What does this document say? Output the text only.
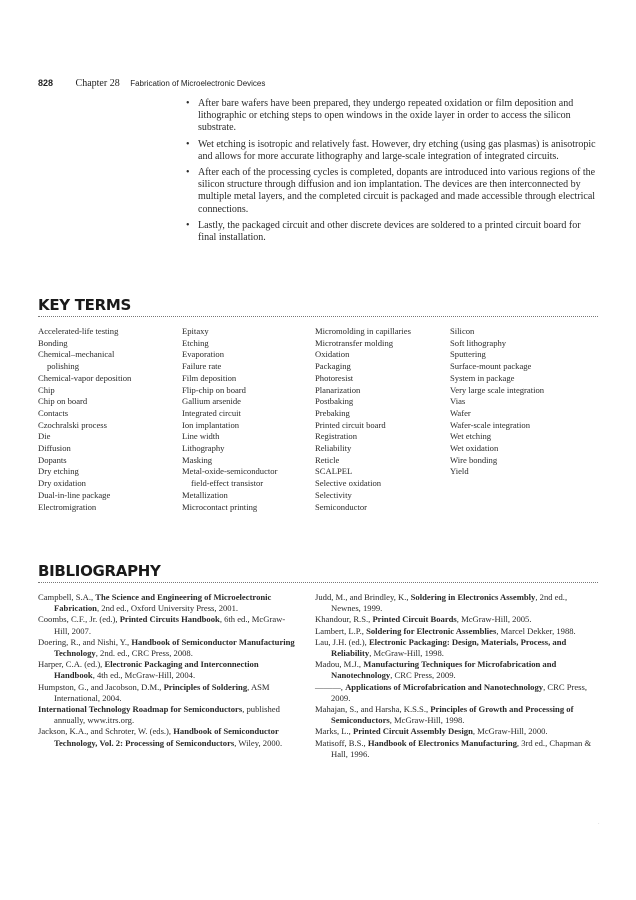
828 Chapter 28 Fabrication of Microelectronic Devices
• After bare wafers have been prepared, they undergo repeated oxidation or film deposition and lithographic or etching steps to open windows in the oxide layer in order to access the silicon substrate.
• Wet etching is isotropic and relatively fast. However, dry etching (using gas plasmas) is anisotropic and allows for more accurate lithography and large-scale integration of integrated circuits.
• After each of the processing cycles is completed, dopants are introduced into various regions of the silicon structure through diffusion and ion implantation. The devices are then interconnected by multiple metal layers, and the completed circuit is packaged and made accessible through electrical connections.
• Lastly, the packaged circuit and other discrete devices are soldered to a printed circuit board for final installation.
KEY TERMS
Accelerated-life testing
Bonding
Chemical–mechanical
polishing
Chemical-vapor deposition
Chip
Chip on board
Contacts
Czochralski process
Die
Diffusion
Dopants
Dry etching
Dry oxidation
Dual-in-line package
Electromigration
Epitaxy
Etching
Evaporation
Failure rate
Film deposition
Flip-chip on board
Gallium arsenide
Integrated circuit
Ion implantation
Line width
Lithography
Masking
Metal-oxide-semiconductor
field-effect transistor
Metallization
Microcontact printing
Micromolding in capillaries
Microtransfer molding
Oxidation
Packaging
Photoresist
Planarization
Postbaking
Prebaking
Printed circuit board
Registration
Reliability
Reticle
SCALPEL
Selective oxidation
Selectivity
Semiconductor
Silicon
Soft lithography
Sputtering
Surface-mount package
System in package
Very large scale integration
Vias
Wafer
Wafer-scale integration
Wet etching
Wet oxidation
Wire bonding
Yield
BIBLIOGRAPHY
Campbell, S.A., The Science and Engineering of Microelectronic Fabrication, 2nd ed., Oxford University Press, 2001.
Coombs, C.F., Jr. (ed.), Printed Circuits Handbook, 6th ed., McGraw-Hill, 2007.
Doering, R., and Nishi, Y., Handbook of Semiconductor Manufacturing Technology, 2nd. ed., CRC Press, 2008.
Harper, C.A. (ed.), Electronic Packaging and Interconnection Handbook, 4th ed., McGraw-Hill, 2004.
Humpston, G., and Jacobson, D.M., Principles of Soldering, ASM International, 2004.
International Technology Roadmap for Semiconductors, published annually, www.itrs.org.
Jackson, K.A., and Schroter, W. (eds.), Handbook of Semiconductor Technology, Vol. 2: Processing of Semiconductors, Wiley, 2000.
Judd, M., and Brindley, K., Soldering in Electronics Assembly, 2nd ed., Newnes, 1999.
Khandour, R.S., Printed Circuit Boards, McGraw-Hill, 2005.
Lambert, L.P., Soldering for Electronic Assemblies, Marcel Dekker, 1988.
Lau, J.H. (ed.), Electronic Packaging: Design, Materials, Process, and Reliability, McGraw-Hill, 1998.
Madou, M.J., Manufacturing Techniques for Microfabrication and Nanotechnology, CRC Press, 2009.
———, Applications of Microfabrication and Nanotechnology, CRC Press, 2009.
Mahajan, S., and Harsha, K.S.S., Principles of Growth and Processing of Semiconductors, McGraw-Hill, 1998.
Marks, L., Printed Circuit Assembly Design, McGraw-Hill, 2000.
Matisoff, B.S., Handbook of Electronics Manufacturing, 3rd ed., Chapman & Hall, 1996.
·
